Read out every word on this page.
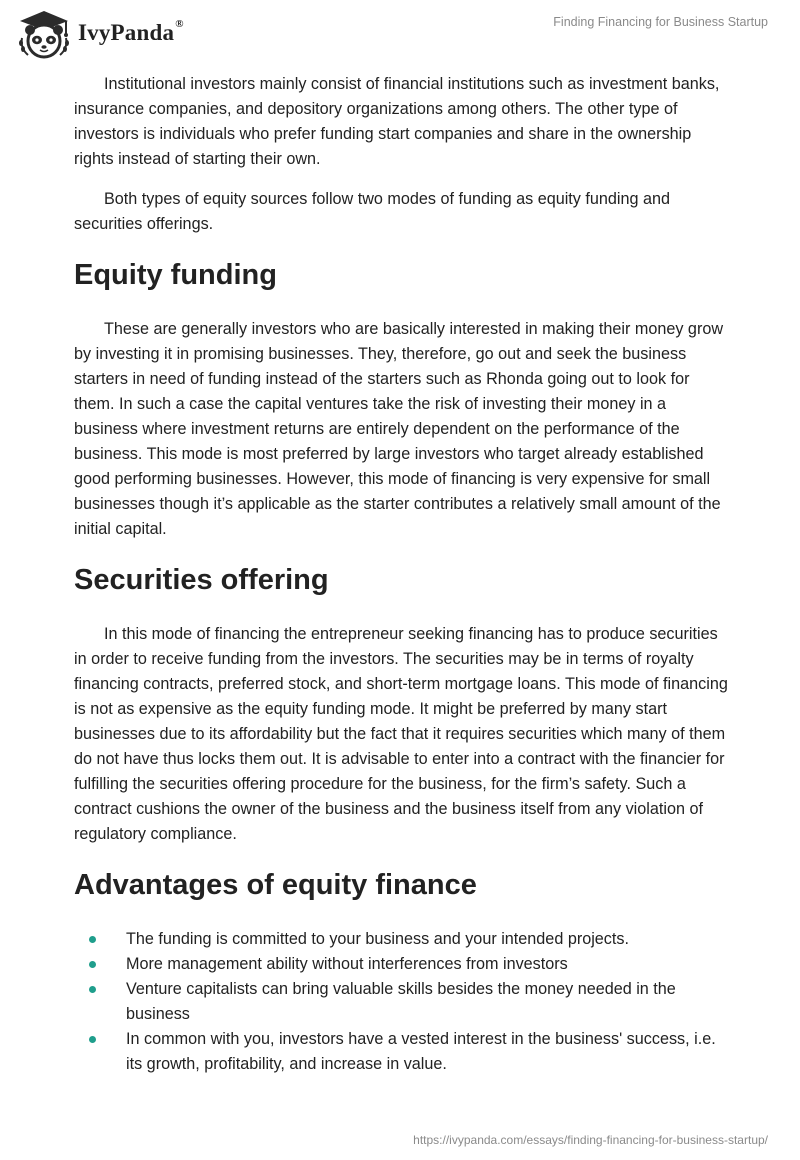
IvyPanda®	Finding Financing for Business Startup

Institutional investors mainly consist of financial institutions such as investment banks, insurance companies, and depository organizations among others. The other type of investors is individuals who prefer funding start companies and share in the ownership rights instead of starting their own.

Both types of equity sources follow two modes of funding as equity funding and securities offerings.

Equity funding

These are generally investors who are basically interested in making their money grow by investing it in promising businesses. They, therefore, go out and seek the business starters in need of funding instead of the starters such as Rhonda going out to look for them. In such a case the capital ventures take the risk of investing their money in a business where investment returns are entirely dependent on the performance of the business. This mode is most preferred by large investors who target already established good performing businesses. However, this mode of financing is very expensive for small businesses though it’s applicable as the starter contributes a relatively small amount of the initial capital.

Securities offering

In this mode of financing the entrepreneur seeking financing has to produce securities in order to receive funding from the investors. The securities may be in terms of royalty financing contracts, preferred stock, and short-term mortgage loans. This mode of financing is not as expensive as the equity funding mode. It might be preferred by many start businesses due to its affordability but the fact that it requires securities which many of them do not have thus locks them out. It is advisable to enter into a contract with the financier for fulfilling the securities offering procedure for the business, for the firm’s safety. Such a contract cushions the owner of the business and the business itself from any violation of regulatory compliance.

Advantages of equity finance
The funding is committed to your business and your intended projects.
More management ability without interferences from investors
Venture capitalists can bring valuable skills besides the money needed in the business
In common with you, investors have a vested interest in the business' success, i.e. its growth, profitability, and increase in value.
https://ivypanda.com/essays/finding-financing-for-business-startup/
